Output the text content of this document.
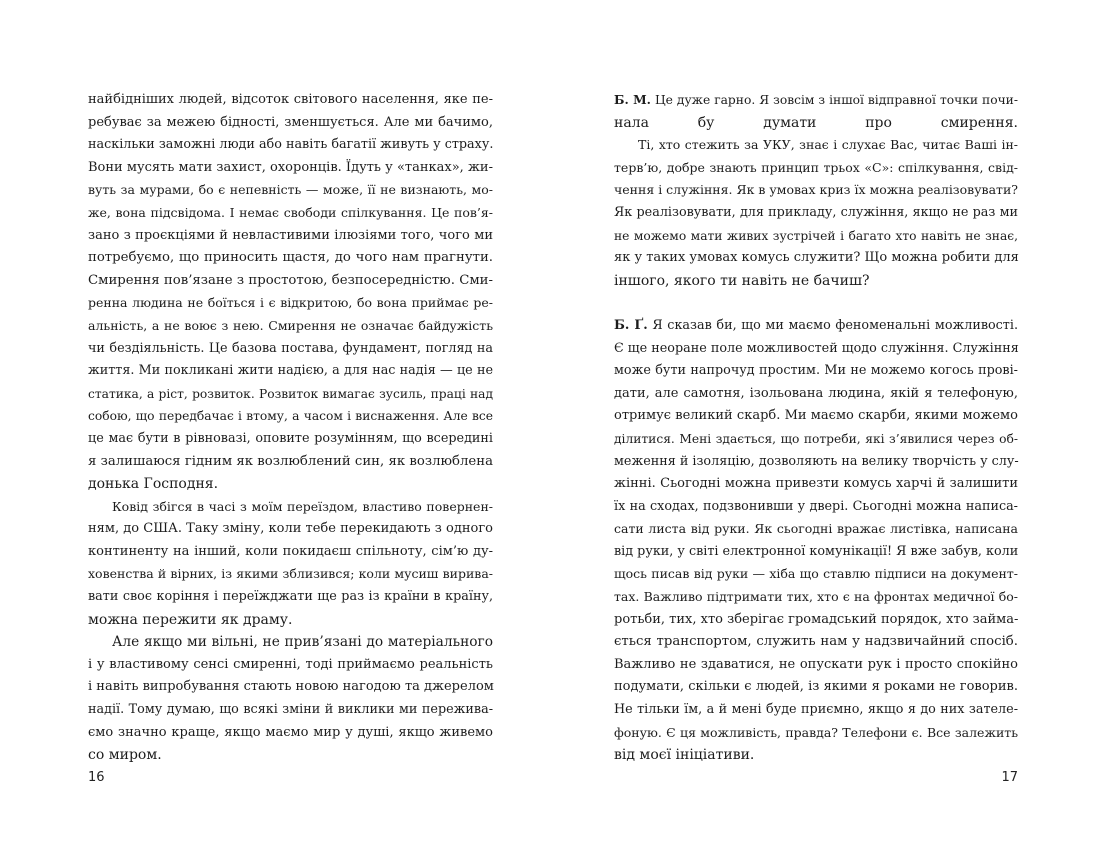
найбідніших людей, відсоток світового населення, яке пе-
ребуває за межею бідності, зменшується. Але ми бачимо,
наскільки заможні люди або навіть багатії живуть у страху.
Вони мусять мати захист, охоронців. Їдуть у «танках», жи-
вуть за мурами, бо є непевність — може, її не визнають, мо-
же, вона підсвідома. І немає свободи спілкування. Це пов’я-
зано з проєкціями й невластивими ілюзіями того, чого ми
потребуємо, що приносить щастя, до чого нам прагнути.
Смирення пов’язане з простотою, безпосередністю. Сми-
ренна людина не боїться і є відкритою, бо вона приймає ре-
альність, а не воює з нею. Смирення не означає байдужість
чи бездіяльність. Це базова постава, фундамент, погляд на
життя. Ми покликані жити надією, а для нас надія — це не
статика, а ріст, розвиток. Розвиток вимагає зусиль, праці над
собою, що передбачає і втому, а часом і виснаження. Але все
це має бути в рівновазі, оповите розумінням, що всередині
я залишаюся гідним як возлюблений син, як возлюблена
донька Господня.

Ковід збігся в часі з моїм переїздом, властиво повернен-
ням, до США. Таку зміну, коли тебе перекидають з одного
континенту на інший, коли покидаєш спільноту, сім’ю ду-
ховенства й вірних, із якими зблизився; коли мусиш вирива-
вати своє коріння і переїжджати ще раз із країни в країну,
можна пережити як драму.

Але якщо ми вільні, не прив’язані до матеріального
і у властивому сенсі смиренні, тоді приймаємо реальність
і навіть випробування стають новою нагодою та джерелом
надії. Тому думаю, що всякі зміни й виклики ми пережива-
ємо значно краще, якщо маємо мир у душі, якщо живемо
со миром.

16

Б. М. Це дуже гарно. Я зовсім з іншої відправної точки почи-
нала бу думати про смирення.

Ті, хто стежить за УКУ, знає і слухає Вас, читає Ваші ін-
терв’ю, добре знають принцип трьох «С»: спілкування, свід-
чення і служіння. Як в умовах криз їх можна реалізовувати?
Як реалізовувати, для прикладу, служіння, якщо не раз ми
не можемо мати живих зустрічей і багато хто навіть не знає,
як у таких умовах комусь служити? Що можна робити для
іншого, якого ти навіть не бачиш?

Б. Ґ. Я сказав би, що ми маємо феноменальні можливості.
Є ще неоране поле можливостей щодо служіння. Служіння
може бути напрочуд простим. Ми не можемо когось прові-
дати, але самотня, ізольована людина, якій я телефоную,
отримує великий скарб. Ми маємо скарби, якими можемо
ділитися. Мені здається, що потреби, які з’явилися через об-
меження й ізоляцію, дозволяють на велику творчість у слу-
жінні. Сьогодні можна привезти комусь харчі й залишити
їх на сходах, подзвонивши у двері. Сьогодні можна написа-
сати листа від руки. Як сьогодні вражає листівка, написана
від руки, у світі електронної комунікації! Я вже забув, коли
щось писав від руки — хіба що ставлю підписи на документ-
тах. Важливо підтримати тих, хто є на фронтах медичної бо-
ротьби, тих, хто зберігає громадський порядок, хто займа-
ється транспортом, служить нам у надзвичайний спосіб.
Важливо не здаватися, не опускати рук і просто спокійно
подумати, скільки є людей, із якими я роками не говорив.
Не тільки їм, а й мені буде приємно, якщо я до них зателе-
фоную. Є ця можливість, правда? Телефони є. Все залежить
від моєї ініціативи.

17
